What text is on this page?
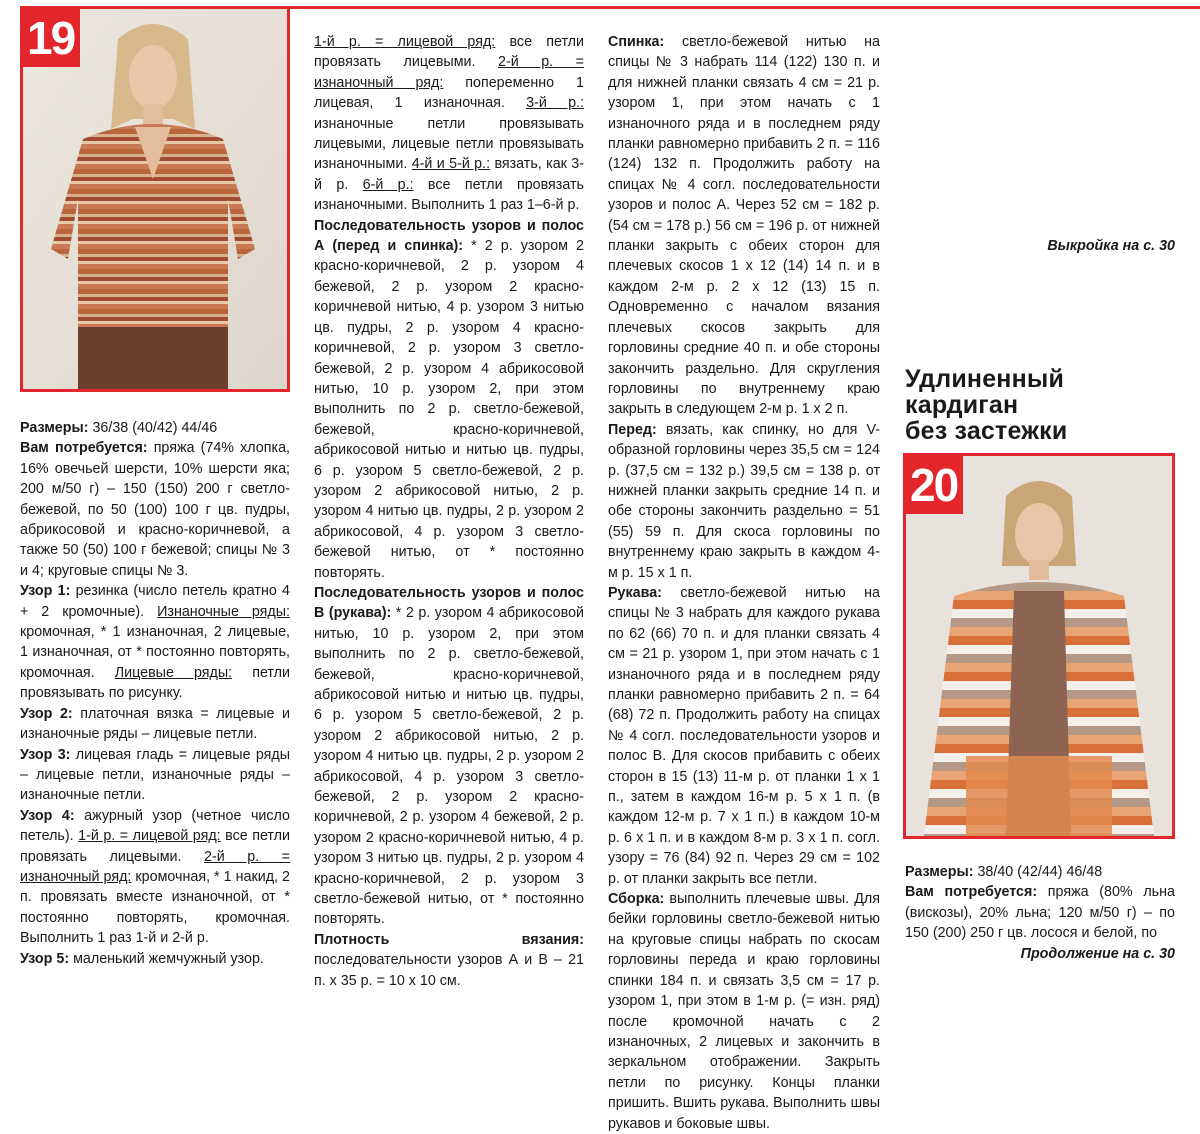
19

Размеры: 36/38 (40/42) 44/46

Вам потребуется: пряжа (74% хлопка, 16% овечьей шерсти, 10% шерсти яка; 200 м/50 г) – 150 (150) 200 г светло-бежевой, по 50 (100) 100 г цв. пудры, абрикосовой и красно-коричневой, а также 50 (50) 100 г бежевой; спицы № 3 и 4; круговые спицы № 3.

Узор 1: резинка (число петель кратно 4 + 2 кромочные). Изнаночные ряды: кромочная, * 1 изнаночная, 2 лицевые, 1 изнаночная, от * постоянно повторять, кромочная. Лицевые ряды: петли провязывать по рисунку.

Узор 2: платочная вязка = лицевые и изнаночные ряды – лицевые петли.

Узор 3: лицевая гладь = лицевые ряды – лицевые петли, изнаночные ряды – изнаночные петли.

Узор 4: ажурный узор (четное число петель). 1-й р. = лицевой ряд: все петли провязать лицевыми. 2-й р. = изнаночный ряд: кромочная, * 1 накид, 2 п. провязать вместе изнаночной, от * постоянно повторять, кромочная. Выполнить 1 раз 1-й и 2-й р.

Узор 5: маленький жемчужный узор.

1-й р. = лицевой ряд: все петли провязать лицевыми. 2-й р. = изнаночный ряд: попеременно 1 лицевая, 1 изнаночная. 3-й р.: изнаночные петли провязывать лицевыми, лицевые петли провязывать изнаночными. 4-й и 5-й р.: вязать, как 3-й р. 6-й р.: все петли провязать изнаночными. Выполнить 1 раз 1–6-й р.

Последовательность узоров и полос А (перед и спинка): * 2 р. узором 2 красно-коричневой, 2 р. узором 4 бежевой, 2 р. узором 2 красно-коричневой нитью, 4 р. узором 3 нитью цв. пудры, 2 р. узором 4 красно-коричневой, 2 р. узором 3 светло-бежевой, 2 р. узором 4 абрикосовой нитью, 10 р. узором 2, при этом выполнить по 2 р. светло-бежевой, бежевой, красно-коричневой, абрикосовой нитью и нитью цв. пудры, 6 р. узором 5 светло-бежевой, 2 р. узором 2 абрикосовой нитью, 2 р. узором 4 нитью цв. пудры, 2 р. узором 2 абрикосовой, 4 р. узором 3 светло-бежевой нитью, от * постоянно повторять.

Последовательность узоров и полос В (рукава): * 2 р. узором 4 абрикосовой нитью, 10 р. узором 2, при этом выполнить по 2 р. светло-бежевой, бежевой, красно-коричневой, абрикосовой нитью и нитью цв. пудры, 6 р. узором 5 светло-бежевой, 2 р. узором 2 абрикосовой нитью, 2 р. узором 4 нитью цв. пудры, 2 р. узором 2 абрикосовой, 4 р. узором 3 светло-бежевой, 2 р. узором 2 красно-коричневой, 2 р. узором 4 бежевой, 2 р. узором 2 красно-коричневой нитью, 4 р. узором 3 нитью цв. пудры, 2 р. узором 4 красно-коричневой, 2 р. узором 3 светло-бежевой нитью, от * постоянно повторять.

Плотность вязания: последовательности узоров А и В – 21 п. х 35 р. = 10 х 10 см.

Спинка: светло-бежевой нитью на спицы № 3 набрать 114 (122) 130 п. и для нижней планки связать 4 см = 21 р. узором 1, при этом начать с 1 изнаночного ряда и в последнем ряду планки равномерно прибавить 2 п. = 116 (124) 132 п. Продолжить работу на спицах № 4 согл. последовательности узоров и полос А. Через 52 см = 182 р. (54 см = 178 р.) 56 см = 196 р. от нижней планки закрыть с обеих сторон для плечевых скосов 1 х 12 (14) 14 п. и в каждом 2-м р. 2 х 12 (13) 15 п. Одновременно с началом вязания плечевых скосов закрыть для горловины средние 40 п. и обе стороны закончить раздельно. Для скругления горловины по внутреннему краю закрыть в следующем 2-м р. 1 х 2 п.

Перед: вязать, как спинку, но для V-образной горловины через 35,5 см = 124 р. (37,5 см = 132 р.) 39,5 см = 138 р. от нижней планки закрыть средние 14 п. и обе стороны закончить раздельно = 51 (55) 59 п. Для скоса горловины по внутреннему краю закрыть в каждом 4-м р. 15 х 1 п.

Рукава: светло-бежевой нитью на спицы № 3 набрать для каждого рукава по 62 (66) 70 п. и для планки связать 4 см = 21 р. узором 1, при этом начать с 1 изнаночного ряда и в последнем ряду планки равномерно прибавить 2 п. = 64 (68) 72 п. Продолжить работу на спицах № 4 согл. последовательности узоров и полос В. Для скосов прибавить с обеих сторон в 15 (13) 11-м р. от планки 1 х 1 п., затем в каждом 16-м р. 5 х 1 п. (в каждом 12-м р. 7 х 1 п.) в каждом 10-м р. 6 х 1 п. и в каждом 8-м р. 3 х 1 п. согл. узору = 76 (84) 92 п. Через 29 см = 102 р. от планки закрыть все петли.

Сборка: выполнить плечевые швы. Для бейки горловины светло-бежевой нитью на круговые спицы набрать по скосам горловины переда и краю горловины спинки 184 п. и связать 3,5 см = 17 р. узором 1, при этом в 1-м р. (= изн. ряд) после кромочной начать с 2 изнаночных, 2 лицевых и закончить в зеркальном отображении. Закрыть петли по рисунку. Концы планки пришить. Вшить рукава. Выполнить швы рукавов и боковые швы.

Выкройка на с. 30
Удлиненный
кардиган
без застежки
20

Размеры: 38/40 (42/44) 46/48

Вам потребуется: пряжа (80% льна (вискозы), 20% льна; 120 м/50 г) – по 150 (200) 250 г цв. лосося и белой, по

Продолжение на с. 30
